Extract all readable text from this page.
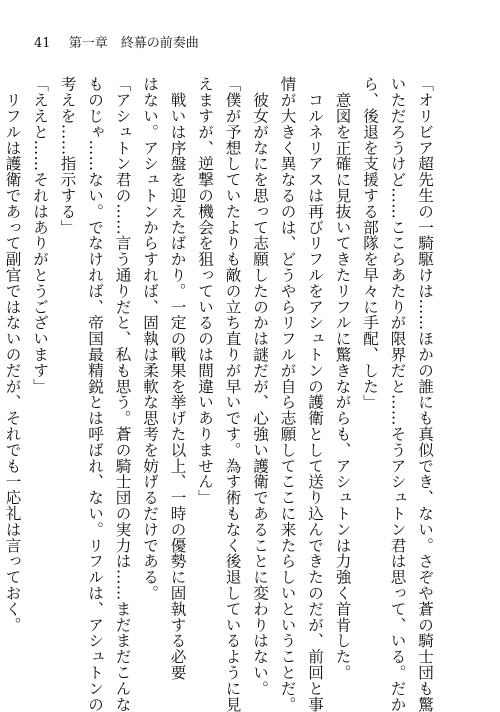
41 第一章　終幕の前奏曲
「オリビア超先生の一騎駆けは……ほかの誰にも真似でき、ない。さぞや蒼の騎士団も驚
いただろうけど……ここらあたりが限界だと……そうアシュトン君は思って、いる。だか
ら、後退を支援する部隊を早々に手配、した」
　意図を正確に見抜いてきたリフルに驚きながらも、アシュトンは力強く首肯した。
　コルネリアスは再びリフルをアシュトンの護衛として送り込んできたのだが、前回と事
情が大きく異なるのは、どうやらリフルが自ら志願してここに来たらしいということだ。
　彼女がなにを思って志願したのかは謎だが、心強い護衛であることに変わりはない。
「僕が予想していたよりも敵の立ち直りが早いです。為す術もなく後退しているように見
えますが、逆撃の機会を狙っているのは間違いありません」
　戦いは序盤を迎えたばかり。一定の戦果を挙げた以上、一時の優勢に固執する必要
はない。アシュトンからすれば、固執は柔軟な思考を妨げるだけである。
「アシュトン君の……言う通りだと、私も思う。蒼の騎士団の実力は……まだまだこんな
ものじゃ……ない。でなければ、帝国最精鋭とは呼ばれ、ない。リフルは、アシュトンの
考えを……指示する」
「ええと……それはありがとうございます」
　リフルは護衛であって副官ではないのだが、それでも一応礼は言っておく。
